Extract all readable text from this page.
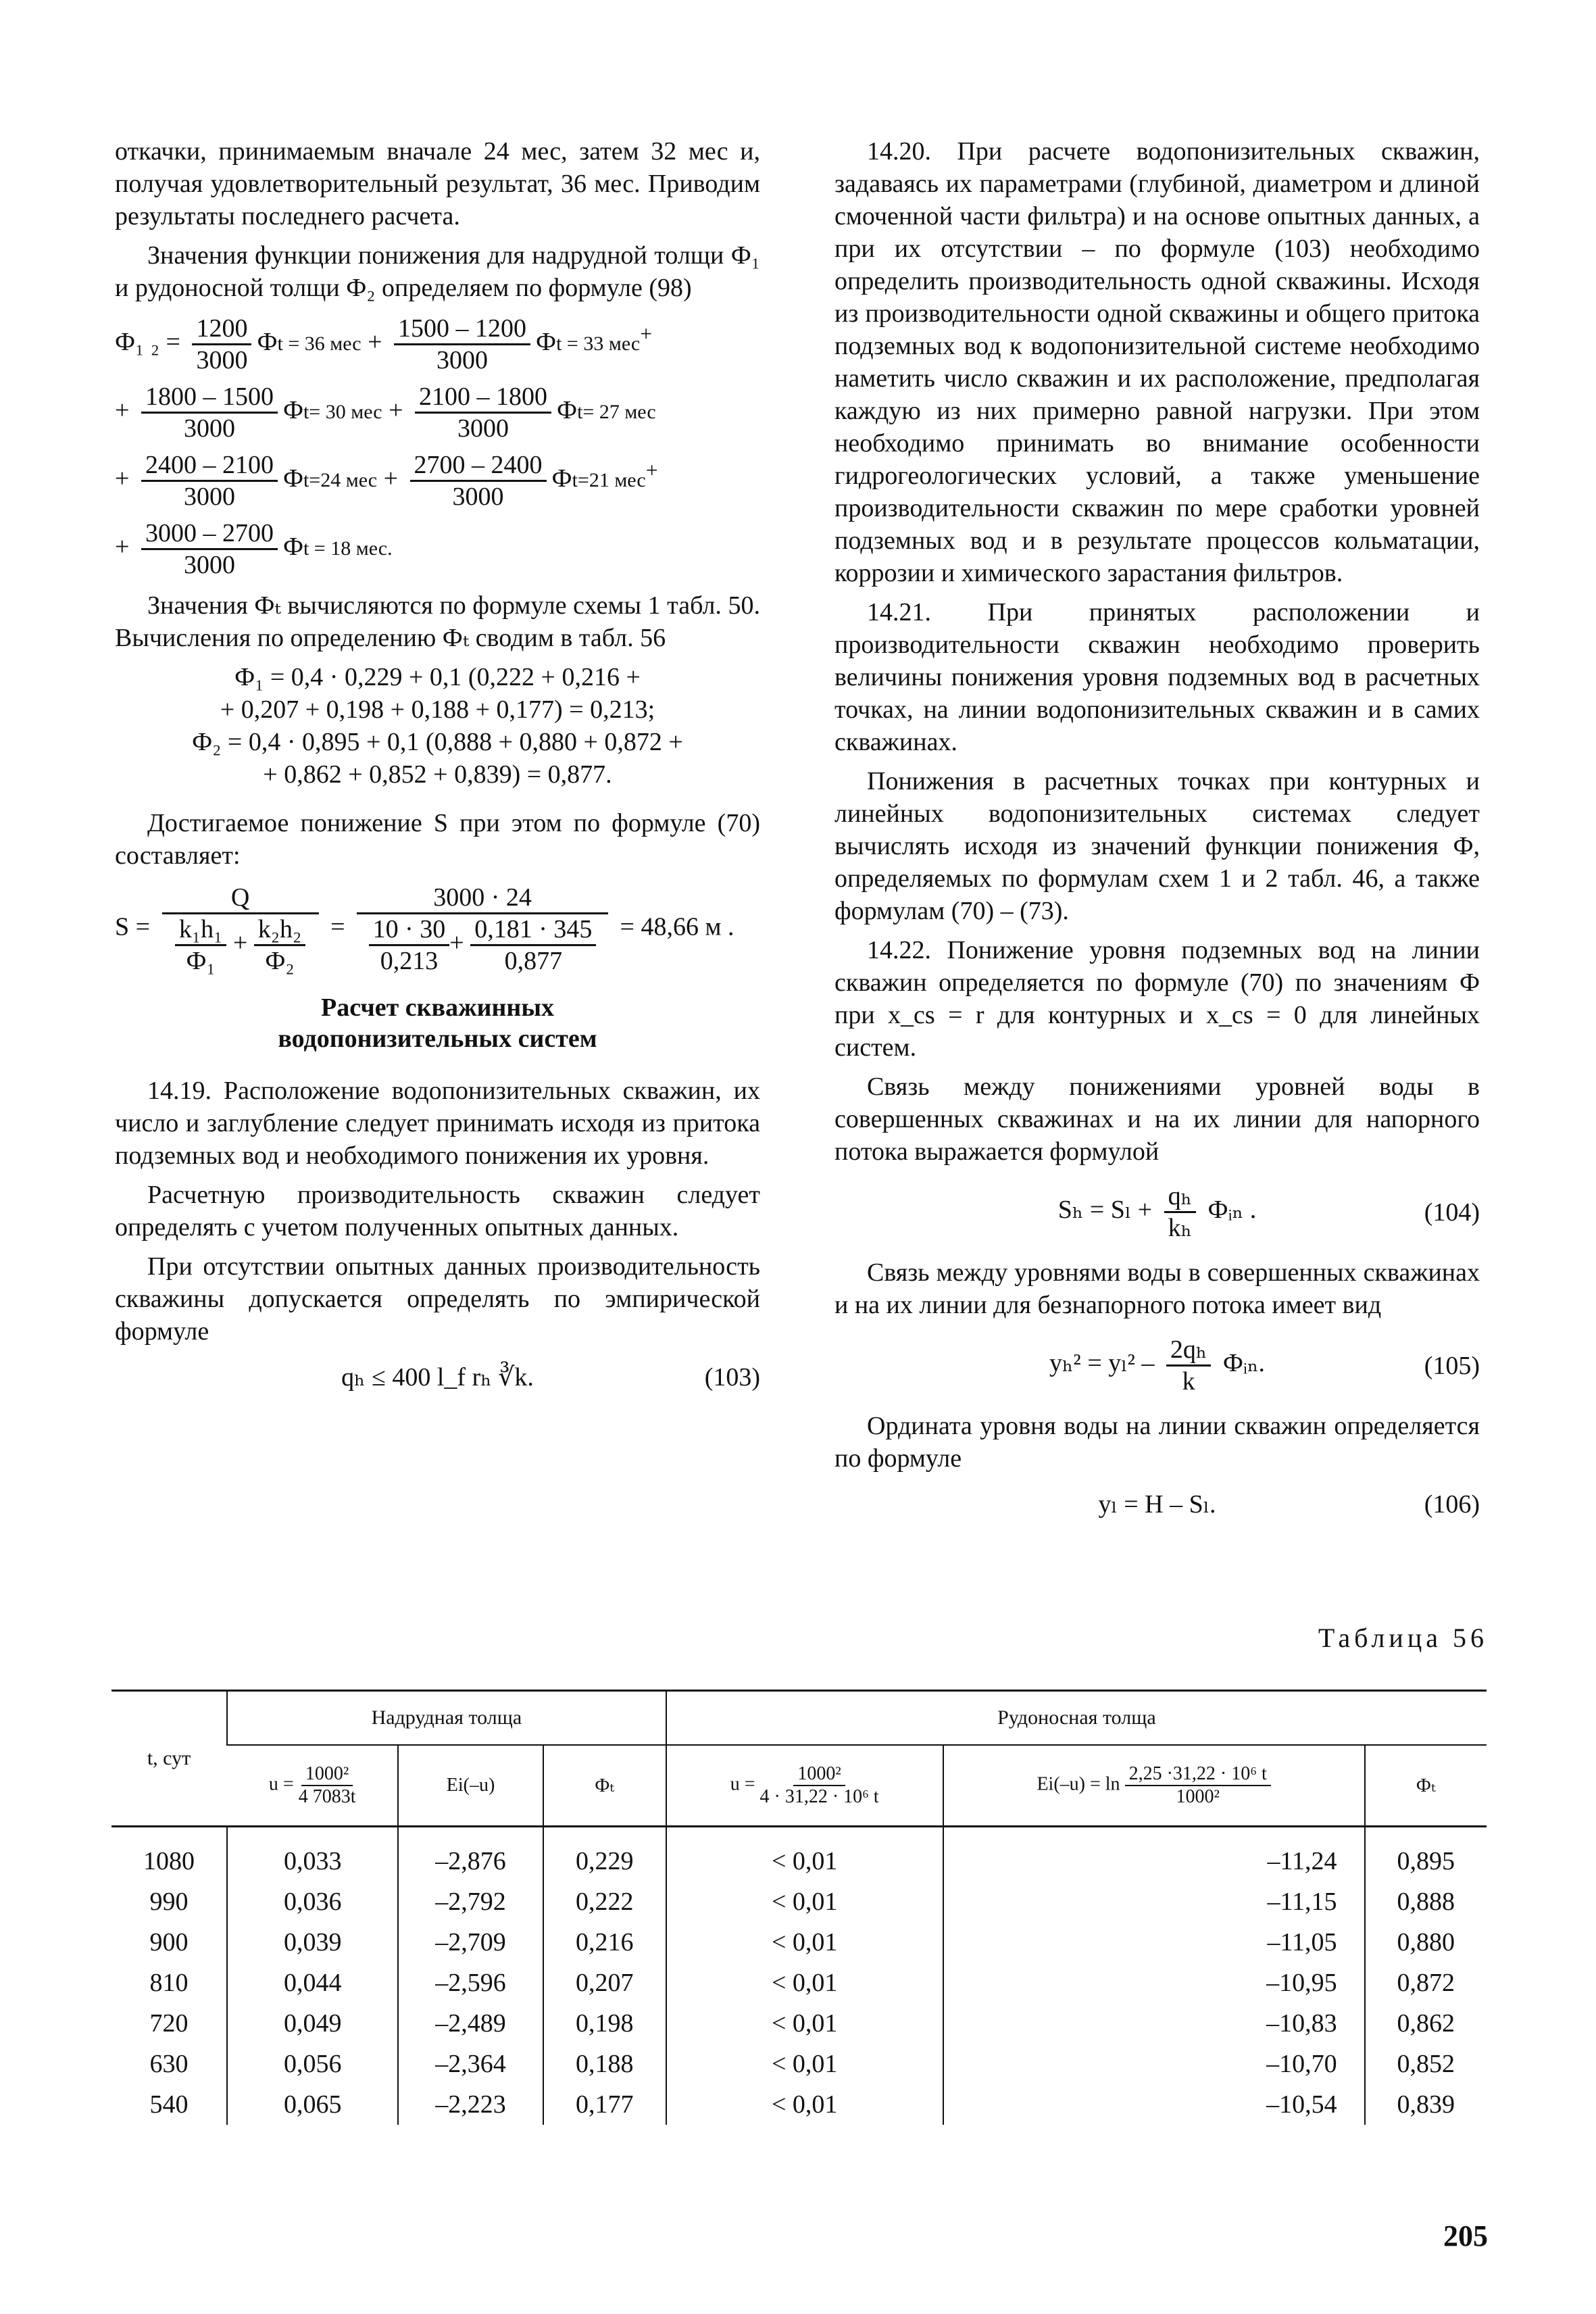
откачки, принимаемым вначале 24 мес, затем 32 мес и, получая удовлетворительный результат, 36 мес. Приводим результаты последнего расчета.

Значения функции понижения для надрудной толщи Ф₁ и рудоносной толщи Ф₂ определяем по формуле (98)

Ф₁ $_2 = \frac{1200}{3000}$ Фt = 36 мес + $\frac{1500 - 1200}{3000}$ Фt = 33 мес+
+ $\frac{1800 - 1500}{3000} Фt= 30$ мес + $\frac{2100 - 1800}{3000} Фt= 27$ мес
+ $\frac{2400 - 2100}{3000} Фt=24$ мес + $\frac{2700 - 2400}{3000} Фt=21$ мес+
+ $\frac{3000 - 2700}{3000}$ Фt = 18 мес.

Значения Фₜ вычисляются по формуле схемы 1 табл. 50. Вычисления по определению Фₜ сводим в табл. 56

Ф₁ = 0,4 · 0,229 + 0,1 (0,222 + 0,216 +
+ 0,207 + 0,198 + 0,188 + 0,177) = 0,213;
Ф₂ = 0,4 · 0,895 + 0,1 (0,888 + 0,880 + 0,872 +
+ 0,862 + 0,852 + 0,839) = 0,877.

Достигаемое понижение S при этом по формуле (70) составляет:

$S = \frac{Q}{\frac{\text{k₁h₁}}{\text{Ф₁}} + \frac{\text{k₂h₂}}{\text{Ф₂}}} = \frac{3000 \cdot 24}{\frac{10 \cdot 30}{0,213} + \frac{0,181 \cdot 345}{0,877}} = 48,66$ м .
Расчет скважинных
водопонизительных систем

14.19. Расположение водопонизительных скважин, их число и заглубление следует принимать исходя из притока подземных вод и необходимого понижения их уровня.

Расчетную производительность скважин следует определять с учетом полученных опытных данных.

При отсутствии опытных данных производительность скважины допускается определять по эмпирической формуле

qₕ ≤ 400 l_f rₕ ∛k.	(103)

14.20. При расчете водопонизительных скважин, задаваясь их параметрами (глубиной, диаметром и длиной смоченной части фильтра) и на основе опытных данных, а при их отсутствии – по формуле (103) необходимо определить производительность одной скважины. Исходя из производительности одной скважины и общего притока подземных вод к водопонизительной системе необходимо наметить число скважин и их расположение, предполагая каждую из них примерно равной нагрузки. При этом необходимо принимать во внимание особенности гидрогеологических условий, а также уменьшение производительности скважин по мере сработки уровней подземных вод и в результате процессов кольматации, коррозии и химического зарастания фильтров.

14.21. При принятых расположении и производительности скважин необходимо проверить величины понижения уровня подземных вод в расчетных точках, на линии водопонизительных скважин и в самих скважинах.

Понижения в расчетных точках при контурных и линейных водопонизительных системах следует вычислять исходя из значений функции понижения Ф, определяемых по формулам схем 1 и 2 табл. 46, а также формулам (70) – (73).

14.22. Понижение уровня подземных вод на линии скважин определяется по формуле (70) по значениям Ф при x_cs = r для контурных и x_cs = 0 для линейных систем.

Связь между понижениями уровней воды в совершенных скважинах и на их линии для напорного потока выражается формулой

$S_h = S_l + \frac{\text{qₕ}}{\text{kₕ}}$ Фᵢₙ .	(104)

Связь между уровнями воды в совершенных скважинах и на их линии для безнапорного потока имеет вид

$y_h^2 = y_l^2 - \frac{\text{2qₕ}}{k}$ Фᵢₙ.	(105)

Ордината уровня воды на линии скважин определяется по формуле

yₗ = H – Sₗ.	(106)
Таблица 56
t, сут	Надрудная толща			Рудоносная толща		
	$u = \frac{\text{1000²}}{4 7083t}$	Ei(–u)	Фₜ	$u = \frac{\text{1000²}}{\text{4 · 31,22 · 10⁶ t}}$	$Ei(-u) = \ln \frac{\text{2,25 ·31,22 · 10⁶ t}}{\text{1000²}}$	Фₜ
1080	0,033	–2,876	0,229	< 0,01	–11,24	0,895
990	0,036	–2,792	0,222	< 0,01	–11,15	0,888
900	0,039	–2,709	0,216	< 0,01	–11,05	0,880
810	0,044	–2,596	0,207	< 0,01	–10,95	0,872
720	0,049	–2,489	0,198	< 0,01	–10,83	0,862
630	0,056	–2,364	0,188	< 0,01	–10,70	0,852
540	0,065	–2,223	0,177	< 0,01	–10,54	0,839
205
